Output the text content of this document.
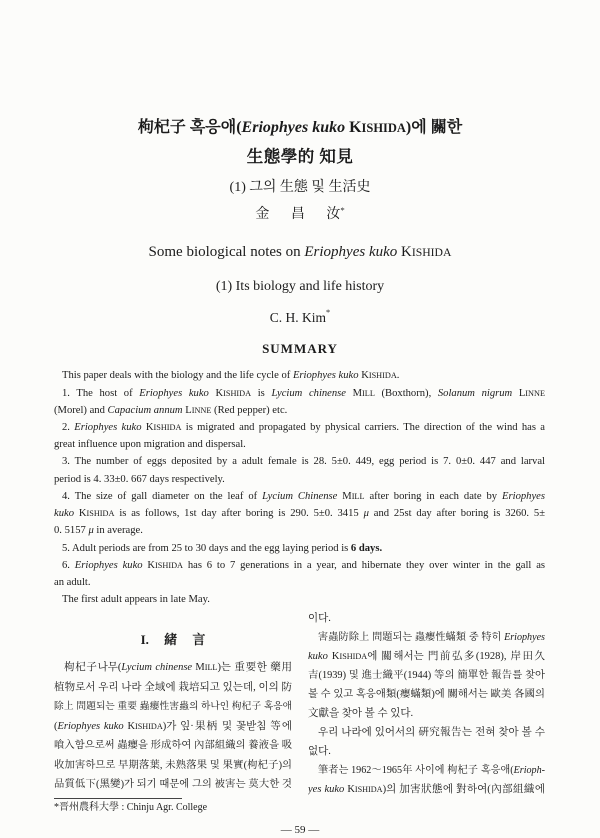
枸杞子 혹응애(Eriophyes kuko KISHIDA)에 關한
生態學的 知見
(1) 그의 生態 및 生活史
金 昌 汝*
Some biological notes on Eriophyes kuko KISHIDA
(1) Its biology and life history
C. H. Kim*
SUMMARY
This paper deals with the biology and the life cycle of Eriophyes kuko KISHIDA.
1. The host of Eriophyes kuko KISHIDA is Lycium chinense MILL (Boxthorn), Solanum nigrum LINNE
(Morel) and Capacium annum LINNE (Red pepper) etc.
2. Eriophyes kuko KISHIDA is migrated and propagated by physical carriers. The direction of the wind has a
great influence upon migration and dispersal.
3. The number of eggs deposited by a adult female is 28. 5±0. 449, egg period is 7. 0±0. 447 and larval
period is 4. 33±0. 667 days respectively.
4. The size of gall diameter on the leaf of Lycium Chinense MILL after boring in each date by Eriophyes
kuko KISHIDA is as follows, 1st day after boring is 290. 5±0. 3415 μ and 25st day after boring is 3260. 5±
0. 5157 μ in average.
5. Adult periods are from 25 to 30 days and the egg laying period is 6 days.
6. Eriophyes kuko KISHIDA has 6 to 7 generations in a year, and hibernate they over winter in the gall as
an adult.
The first adult appears in late May.
I. 緒 言
枸杞子나무(Lycium chinense MILL)는 重要한 藥用
植物로서 우리 나라 全域에 栽培되고 있는데, 이의 防
除上 問題되는 重要 蟲癭性害蟲의 하나인 枸杞子 혹응애
(Eriophyes kuko KISHIDA)가 잎·果柄 및 꽃받침 等에
喰入함으로써 蟲癭을 形成하여 內部組織의 養液을 吸
收加害하므로 早期落葉, 未熟落果 및 果實(枸杞子)의
品質低下(黑變)가 되기 때문에 그의 被害는 莫大한 것
이다.
害蟲防除上 問題되는 蟲癭性蟎類 중 特히 Eriophyes
kuko KISHIDA에 關해서는 門前弘多(1928), 岸田久
吉(1939) 및 進士織平(1944) 等의 簡單한 報告를 찾아
볼 수 있고 혹응애類(癭蟎類)에 關해서는 歐美 各國의
文獻을 찾아 볼 수 있다.
우리 나라에 있어서의 硏究報告는 전혀 찾아 볼 수
없다.
筆者는 1962～1965年 사이에 枸杞子 혹응애(Erioph-
yes kuko KISHIDA)의 加害狀態에 對하여(內部組織에
*晋州農科大學 : Chinju Agr. College
— 59 —
